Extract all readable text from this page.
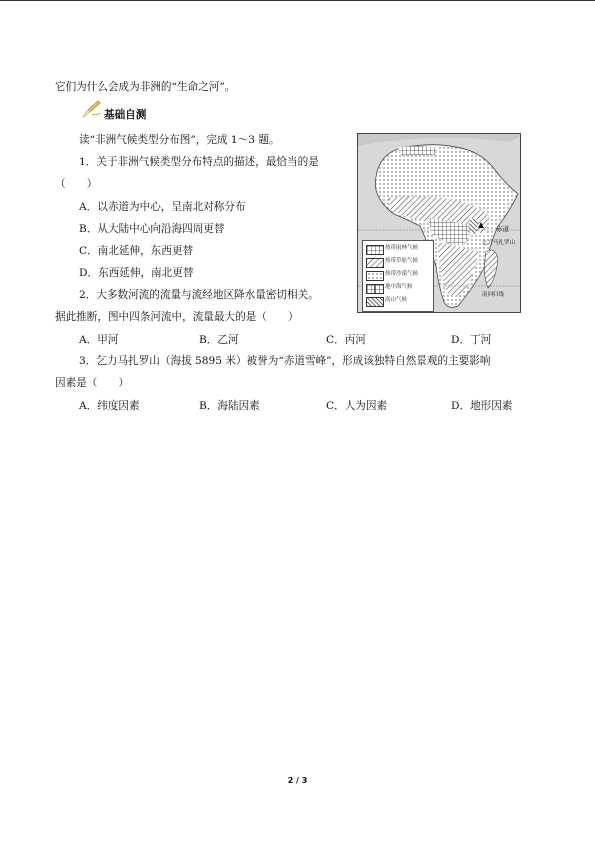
它们为什么会成为非洲的“生命之河”。
基础自测
读“非洲气候类型分布图”，完成 1～3 题。
1．关于非洲气候类型分布特点的描述，最恰当的是
（　　）
A．以赤道为中心，呈南北对称分布
B．从大陆中心向沿海四周更替
C．南北延伸，东西更替
D．东西延伸，南北更替
2．大多数河流的流量与流经地区降水量密切相关。
据此推断，图中四条河流中，流量最大的是（　　）
A．甲河	B．乙河	C．丙河	D．丁河
3．乞力马扎罗山（海拔 5895 米）被誉为“赤道雪峰”，形成该独特自然景观的主要影响
因素是（　　）
A．纬度因素	B．海陆因素	C．人为因素	D．地形因素
赤道
乞力马扎罗山
南回归线
热带雨林气候
热带草原气候
热带沙漠气候
地中海气候
高山气候
2 / 3
